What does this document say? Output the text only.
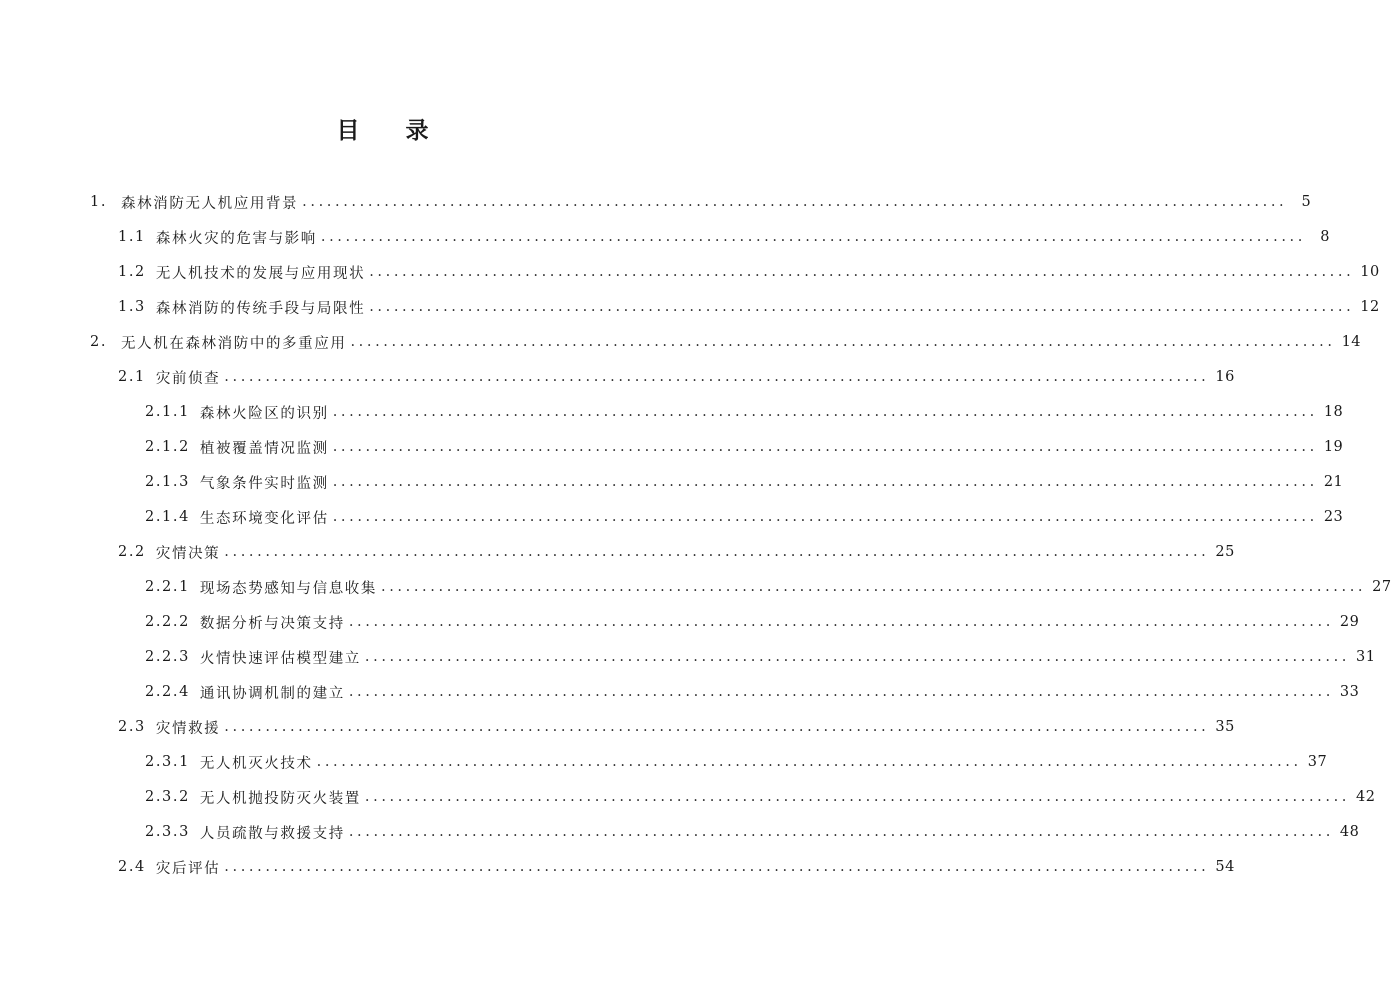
目 录
1. 森林消防无人机应用背景 ........................................................................................................................ 5
1.1 森林火灾的危害与影响 ........................................................................................................................ 8
1.2 无人机技术的发展与应用现状 ........................................................................................................................ 10
1.3 森林消防的传统手段与局限性 ........................................................................................................................ 12
2. 无人机在森林消防中的多重应用 ........................................................................................................................ 14
2.1 灾前侦查 ........................................................................................................................ 16
2.1.1 森林火险区的识别 ........................................................................................................................ 18
2.1.2 植被覆盖情况监测 ........................................................................................................................ 19
2.1.3 气象条件实时监测 ........................................................................................................................ 21
2.1.4 生态环境变化评估 ........................................................................................................................ 23
2.2 灾情决策 ........................................................................................................................ 25
2.2.1 现场态势感知与信息收集 ........................................................................................................................ 27
2.2.2 数据分析与决策支持 ........................................................................................................................ 29
2.2.3 火情快速评估模型建立 ........................................................................................................................ 31
2.2.4 通讯协调机制的建立 ........................................................................................................................ 33
2.3 灾情救援 ........................................................................................................................ 35
2.3.1 无人机灭火技术 ........................................................................................................................ 37
2.3.2 无人机抛投防灭火装置 ........................................................................................................................ 42
2.3.3 人员疏散与救援支持 ........................................................................................................................ 48
2.4 灾后评估 ........................................................................................................................ 54
